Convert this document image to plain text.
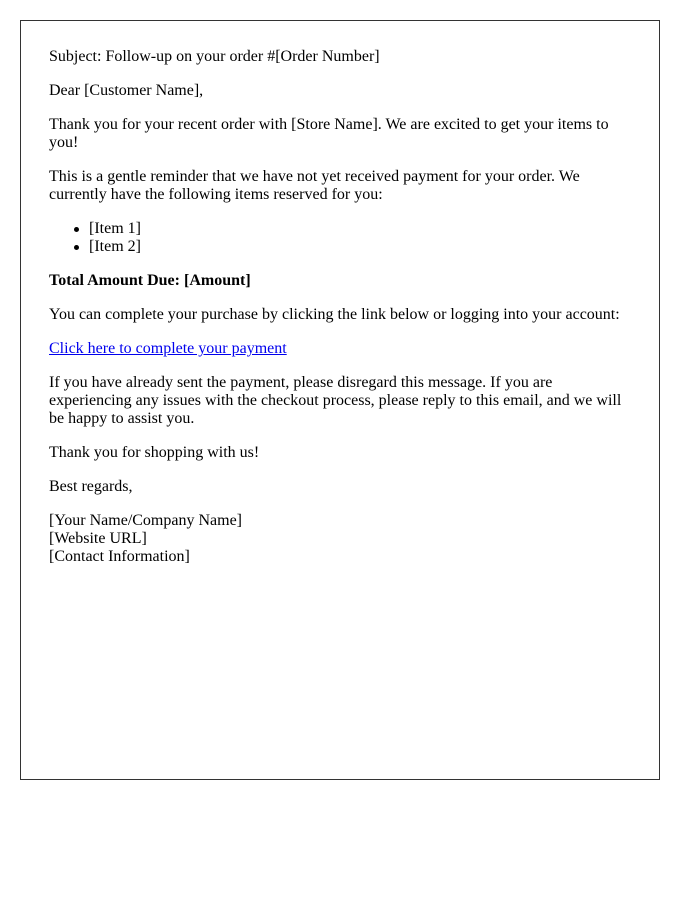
Subject: Follow-up on your order #[Order Number]

Dear [Customer Name],

Thank you for your recent order with [Store Name]. We are excited to get your items to you!

This is a gentle reminder that we have not yet received payment for your order. We currently have the following items reserved for you:

[Item 1]
[Item 2]

Total Amount Due: [Amount]

You can complete your purchase by clicking the link below or logging into your account:

Click here to complete your payment

If you have already sent the payment, please disregard this message. If you are experiencing any issues with the checkout process, please reply to this email, and we will be happy to assist you.

Thank you for shopping with us!

Best regards,

[Your Name/Company Name]
[Website URL]
[Contact Information]
